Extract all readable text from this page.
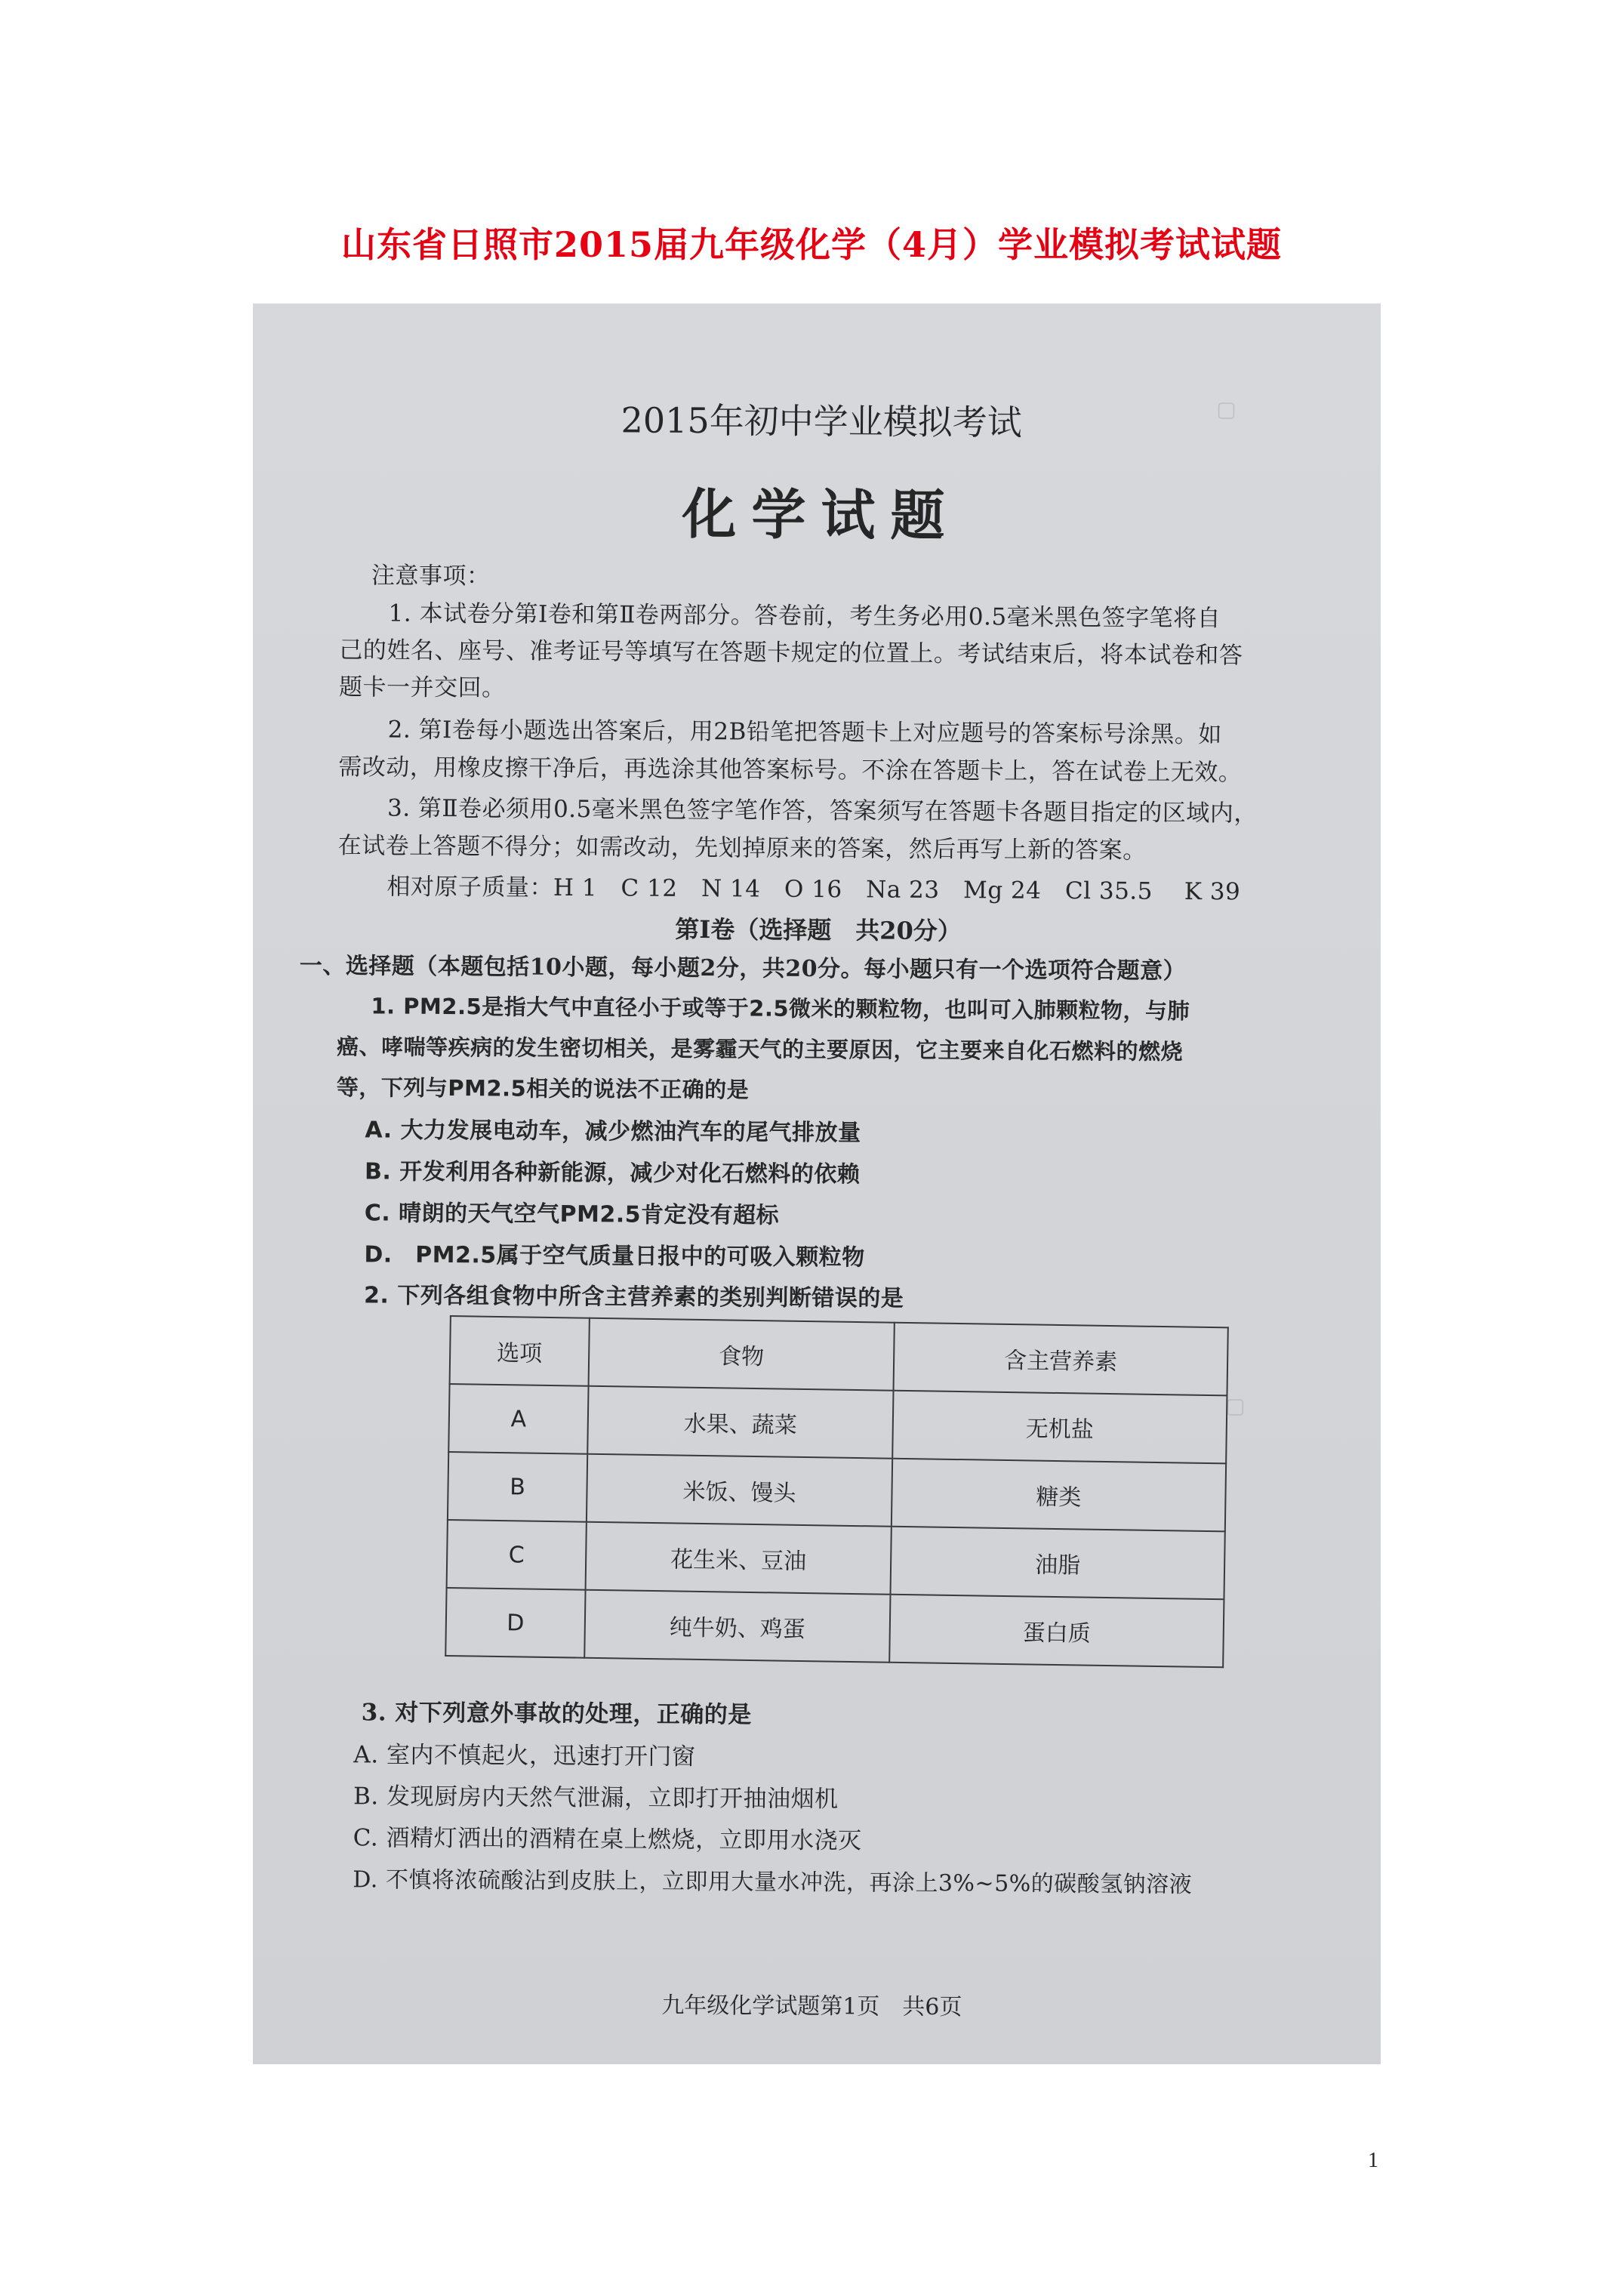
山东省日照市2015届九年级化学（4月）学业模拟考试试题
▢
▢
2015年初中学业模拟考试
化学试题
注意事项：
1. 本试卷分第Ⅰ卷和第Ⅱ卷两部分。答卷前，考生务必用0.5毫米黑色签字笔将自
己的姓名、座号、准考证号等填写在答题卡规定的位置上。考试结束后，将本试卷和答
题卡一并交回。
2. 第Ⅰ卷每小题选出答案后，用2B铅笔把答题卡上对应题号的答案标号涂黑。如
需改动，用橡皮擦干净后，再选涂其他答案标号。不涂在答题卡上，答在试卷上无效。
3. 第Ⅱ卷必须用0.5毫米黑色签字笔作答，答案须写在答题卡各题目指定的区域内，
在试卷上答题不得分；如需改动，先划掉原来的答案，然后再写上新的答案。
相对原子质量：H 1　C 12　N 14　O 16　Na 23　Mg 24　Cl 35.5　 K 39
第Ⅰ卷（选择题　共20分）
一、选择题（本题包括10小题，每小题2分，共20分。每小题只有一个选项符合题意）
1. PM2.5是指大气中直径小于或等于2.5微米的颗粒物，也叫可入肺颗粒物，与肺
癌、哮喘等疾病的发生密切相关，是雾霾天气的主要原因，它主要来自化石燃料的燃烧
等，下列与PM2.5相关的说法不正确的是
A. 大力发展电动车，减少燃油汽车的尾气排放量
B. 开发利用各种新能源，减少对化石燃料的依赖
C. 晴朗的天气空气PM2.5肯定没有超标
D.　PM2.5属于空气质量日报中的可吸入颗粒物
2. 下列各组食物中所含主营养素的类别判断错误的是
选项	食物	含主营养素
A	水果、蔬菜	无机盐
B	米饭、馒头	糖类
C	花生米、豆油	油脂
D	纯牛奶、鸡蛋	蛋白质
3. 对下列意外事故的处理，正确的是
A. 室内不慎起火，迅速打开门窗
B. 发现厨房内天然气泄漏，立即打开抽油烟机
C. 酒精灯洒出的酒精在桌上燃烧，立即用水浇灭
D. 不慎将浓硫酸沾到皮肤上，立即用大量水冲洗，再涂上3%~5%的碳酸氢钠溶液
九年级化学试题第1页　共6页
1
